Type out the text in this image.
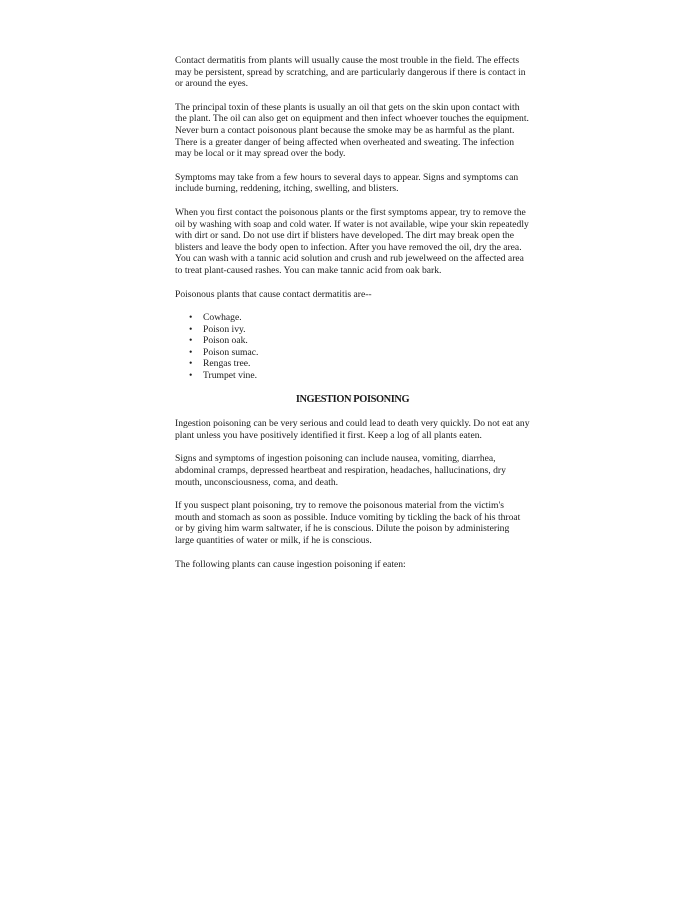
Contact dermatitis from plants will usually cause the most trouble in the field. The effects may be persistent, spread by scratching, and are particularly dangerous if there is contact in or around the eyes.

The principal toxin of these plants is usually an oil that gets on the skin upon contact with the plant. The oil can also get on equipment and then infect whoever touches the equipment. Never burn a contact poisonous plant because the smoke may be as harmful as the plant. There is a greater danger of being affected when overheated and sweating. The infection may be local or it may spread over the body.

Symptoms may take from a few hours to several days to appear. Signs and symptoms can include burning, reddening, itching, swelling, and blisters.

When you first contact the poisonous plants or the first symptoms appear, try to remove the oil by washing with soap and cold water. If water is not available, wipe your skin repeatedly with dirt or sand. Do not use dirt if blisters have developed. The dirt may break open the blisters and leave the body open to infection. After you have removed the oil, dry the area. You can wash with a tannic acid solution and crush and rub jewelweed on the affected area to treat plant-caused rashes. You can make tannic acid from oak bark.

Poisonous plants that cause contact dermatitis are--

• Cowhage.
• Poison ivy.
• Poison oak.
• Poison sumac.
• Rengas tree.
• Trumpet vine.
INGESTION POISONING

Ingestion poisoning can be very serious and could lead to death very quickly. Do not eat any plant unless you have positively identified it first. Keep a log of all plants eaten.

Signs and symptoms of ingestion poisoning can include nausea, vomiting, diarrhea, abdominal cramps, depressed heartbeat and respiration, headaches, hallucinations, dry mouth, unconsciousness, coma, and death.

If you suspect plant poisoning, try to remove the poisonous material from the victim's mouth and stomach as soon as possible. Induce vomiting by tickling the back of his throat or by giving him warm saltwater, if he is conscious. Dilute the poison by administering large quantities of water or milk, if he is conscious.

The following plants can cause ingestion poisoning if eaten:
